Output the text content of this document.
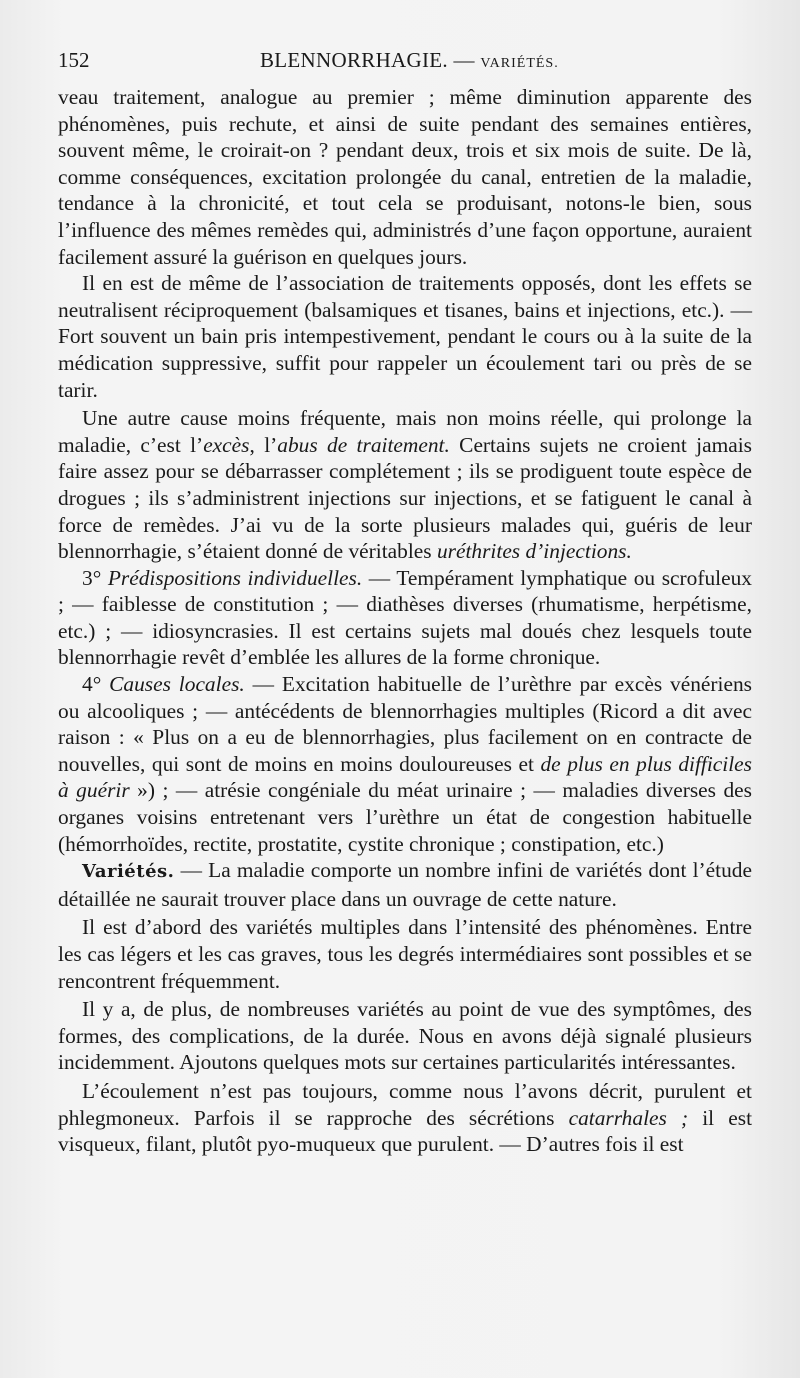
152	BLENNORRHAGIE. — VARIÉTÉS.

veau traitement, analogue au premier ; même diminution apparente des phénomènes, puis rechute, et ainsi de suite pendant des semaines entières, souvent même, le croirait-on ? pendant deux, trois et six mois de suite. De là, comme conséquences, excitation prolongée du canal, entretien de la maladie, tendance à la chronicité, et tout cela se produisant, notons-le bien, sous l’influence des mêmes remèdes qui, administrés d’une façon opportune, auraient facilement assuré la guérison en quelques jours.

Il en est de même de l’association de traitements opposés, dont les effets se neutralisent réciproquement (balsamiques et tisanes, bains et injections, etc.). — Fort souvent un bain pris intempestivement, pendant le cours ou à la suite de la médication suppressive, suffit pour rappeler un écoulement tari ou près de se tarir.

Une autre cause moins fréquente, mais non moins réelle, qui prolonge la maladie, c’est l’excès, l’abus de traitement. Certains sujets ne croient jamais faire assez pour se débarrasser complétement ; ils se prodiguent toute espèce de drogues ; ils s’administrent injections sur injections, et se fatiguent le canal à force de remèdes. J’ai vu de la sorte plusieurs malades qui, guéris de leur blennorrhagie, s’étaient donné de véritables uréthrites d’injections.

3° Prédispositions individuelles. — Tempérament lymphatique ou scrofuleux ; — faiblesse de constitution ; — diathèses diverses (rhumatisme, herpétisme, etc.) ; — idiosyncrasies. Il est certains sujets mal doués chez lesquels toute blennorrhagie revêt d’emblée les allures de la forme chronique.

4° Causes locales. — Excitation habituelle de l’urèthre par excès vénériens ou alcooliques ; — antécédents de blennorrhagies multiples (Ricord a dit avec raison : « Plus on a eu de blennorrhagies, plus facilement on en contracte de nouvelles, qui sont de moins en moins douloureuses et de plus en plus difficiles à guérir ») ; — atrésie congéniale du méat urinaire ; — maladies diverses des organes voisins entretenant vers l’urèthre un état de congestion habituelle (hémorrhoïdes, rectite, prostatite, cystite chronique ; constipation, etc.)

Variétés. — La maladie comporte un nombre infini de variétés dont l’étude détaillée ne saurait trouver place dans un ouvrage de cette nature.

Il est d’abord des variétés multiples dans l’intensité des phénomènes. Entre les cas légers et les cas graves, tous les degrés intermédiaires sont possibles et se rencontrent fréquemment.

Il y a, de plus, de nombreuses variétés au point de vue des symptômes, des formes, des complications, de la durée. Nous en avons déjà signalé plusieurs incidemment. Ajoutons quelques mots sur certaines particularités intéressantes.

L’écoulement n’est pas toujours, comme nous l’avons décrit, purulent et phlegmoneux. Parfois il se rapproche des sécrétions catarrhales ; il est visqueux, filant, plutôt pyo-muqueux que purulent. — D’autres fois il est
